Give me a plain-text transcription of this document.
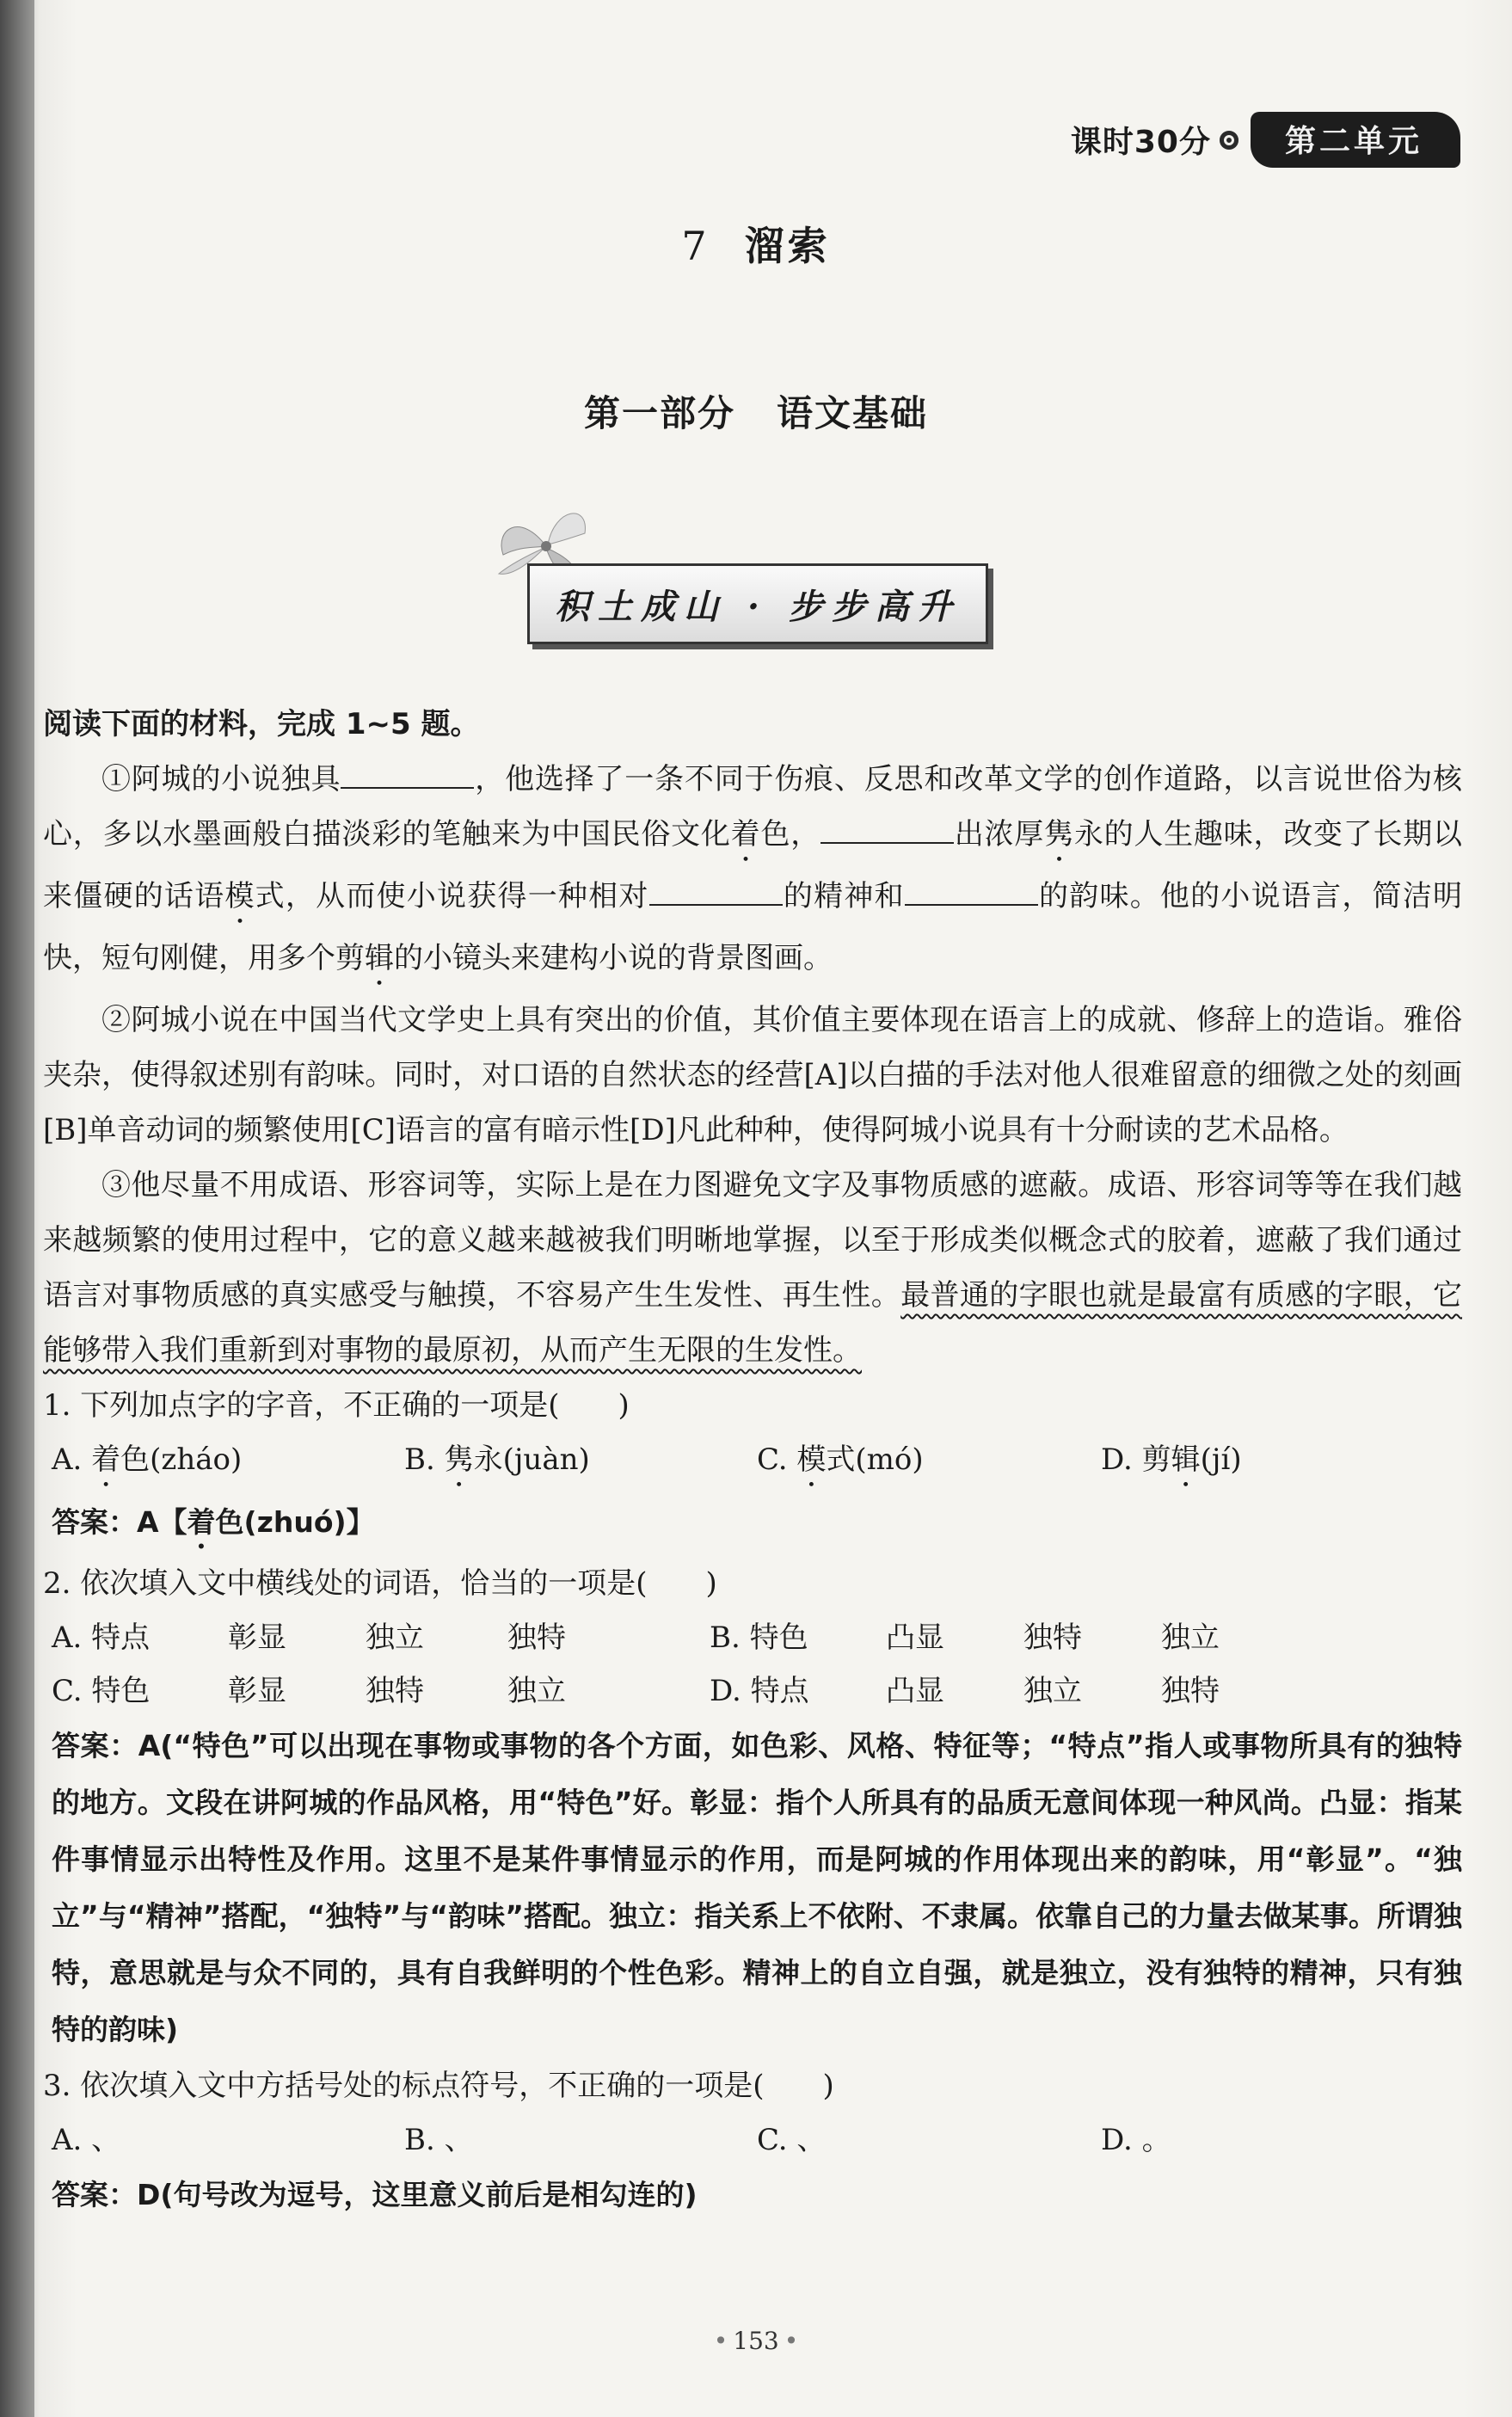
课时30分	第二单元
7 溜索
第一部分 语文基础
积土成山 · 步步高升

阅读下面的材料，完成 1~5 题。

①阿城的小说独具	，他选择了一条不同于伤痕、反思和改革文学的创作道路，以言说世俗为核心，多以水墨画般白描淡彩的笔触来为中国民俗文化着色，	出浓厚隽永的人生趣味，改变了长期以来僵硬的话语模式，从而使小说获得一种相对	的精神和	的韵味。他的小说语言，简洁明快，短句刚健，用多个剪辑的小镜头来建构小说的背景图画。

②阿城小说在中国当代文学史上具有突出的价值，其价值主要体现在语言上的成就、修辞上的造诣。雅俗夹杂，使得叙述别有韵味。同时，对口语的自然状态的经营[A]以白描的手法对他人很难留意的细微之处的刻画[B]单音动词的频繁使用[C]语言的富有暗示性[D]凡此种种，使得阿城小说具有十分耐读的艺术品格。

③他尽量不用成语、形容词等，实际上是在力图避免文字及事物质感的遮蔽。成语、形容词等等在我们越来越频繁的使用过程中，它的意义越来越被我们明晰地掌握，以至于形成类似概念式的胶着，遮蔽了我们通过语言对事物质感的真实感受与触摸，不容易产生生发性、再生性。最普通的字眼也就是最富有质感的字眼，它能够带入我们重新到对事物的最原初，从而产生无限的生发性。

1. 下列加点字的字音，不正确的一项是(　　)

A. 着色(zháo)	B. 隽永(juàn)	C. 模式(mó)	D. 剪辑(jí)

答案：A【着色(zhuó)】

2. 依次填入文中横线处的词语，恰当的一项是(　　)

A. 特点	彰显	独立	独特	B. 特色	凸显	独特	独立
C. 特色	彰显	独特	独立	D. 特点	凸显	独立	独特

答案：A(“特色”可以出现在事物或事物的各个方面，如色彩、风格、特征等；“特点”指人或事物所具有的独特的地方。文段在讲阿城的作品风格，用“特色”好。彰显：指个人所具有的品质无意间体现一种风尚。凸显：指某件事情显示出特性及作用。这里不是某件事情显示的作用，而是阿城的作用体现出来的韵味，用“彰显”。“独立”与“精神”搭配，“独特”与“韵味”搭配。独立：指关系上不依附、不隶属。依靠自己的力量去做某事。所谓独特，意思就是与众不同的，具有自我鲜明的个性色彩。精神上的自立自强，就是独立，没有独特的精神，只有独特的韵味)

3. 依次填入文中方括号处的标点符号，不正确的一项是(　　)

A. 、	B. 、	C. 、	D. 。

答案：D(句号改为逗号，这里意义前后是相勾连的)

• 153 •
